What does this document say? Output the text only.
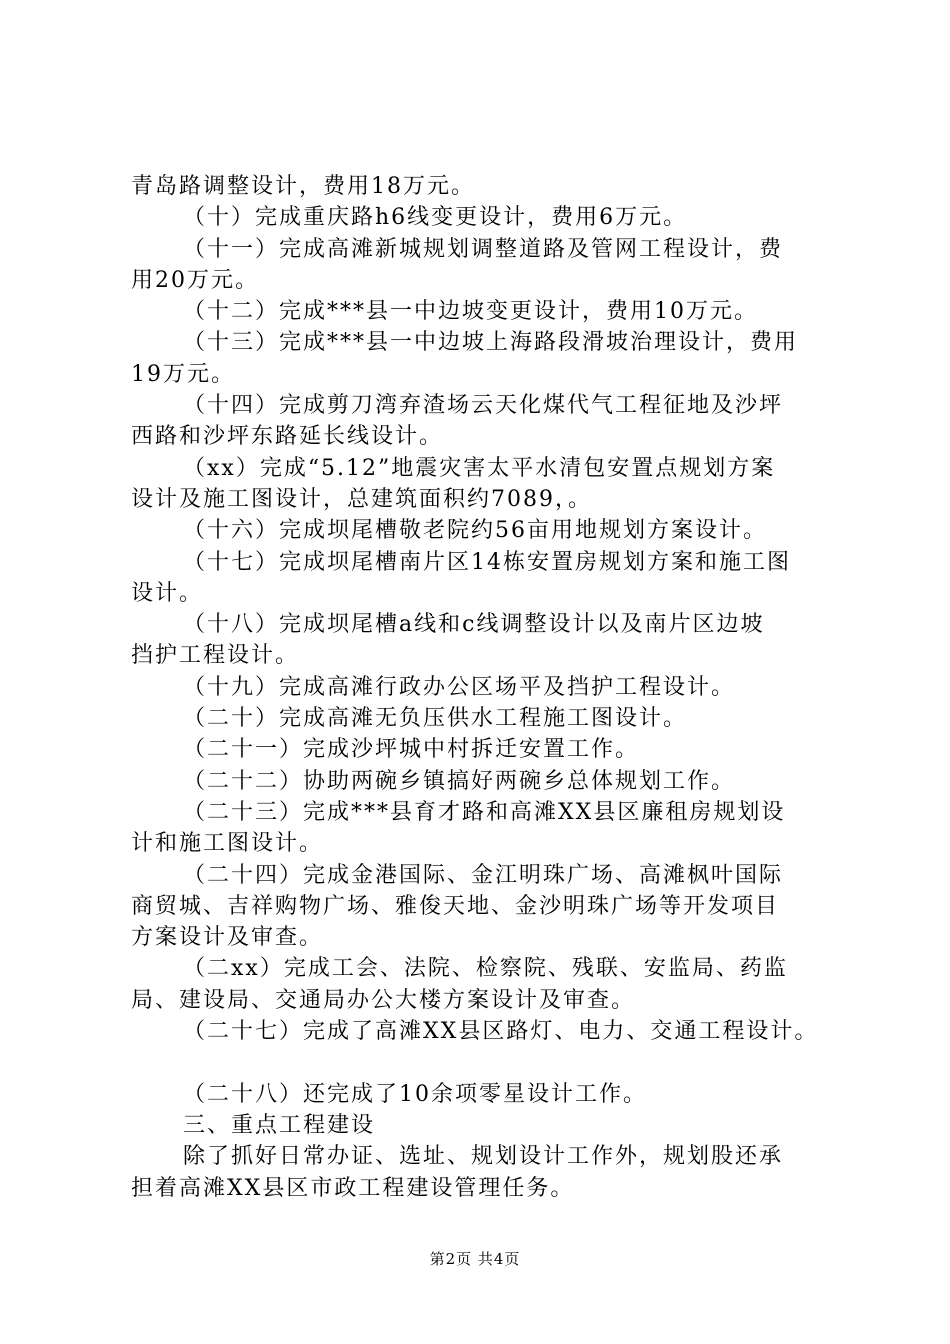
青岛路调整设计，费用18万元。
（十）完成重庆路h6线变更设计，费用6万元。
（十一）完成高滩新城规划调整道路及管网工程设计，费
用20万元。
（十二）完成***县一中边坡变更设计，费用10万元。
（十三）完成***县一中边坡上海路段滑坡治理设计，费用
19万元。
（十四）完成剪刀湾弃渣场云天化煤代气工程征地及沙坪
西路和沙坪东路延长线设计。
（xx）完成“5.12”地震灾害太平水清包安置点规划方案
设计及施工图设计，总建筑面积约7089，。
（十六）完成坝尾槽敬老院约56亩用地规划方案设计。
（十七）完成坝尾槽南片区14栋安置房规划方案和施工图
设计。
（十八）完成坝尾槽a线和c线调整设计以及南片区边坡
挡护工程设计。
（十九）完成高滩行政办公区场平及挡护工程设计。
（二十）完成高滩无负压供水工程施工图设计。
（二十一）完成沙坪城中村拆迁安置工作。
（二十二）协助两碗乡镇搞好两碗乡总体规划工作。
（二十三）完成***县育才路和高滩XX县区廉租房规划设
计和施工图设计。
（二十四）完成金港国际、金江明珠广场、高滩枫叶国际
商贸城、吉祥购物广场、雅俊天地、金沙明珠广场等开发项目
方案设计及审查。
（二xx）完成工会、法院、检察院、残联、安监局、药监
局、建设局、交通局办公大楼方案设计及审查。
（二十七）完成了高滩XX县区路灯、电力、交通工程设计。
（二十八）还完成了10余项零星设计工作。
三、重点工程建设
除了抓好日常办证、选址、规划设计工作外，规划股还承
担着高滩XX县区市政工程建设管理任务。
第2页 共4页
